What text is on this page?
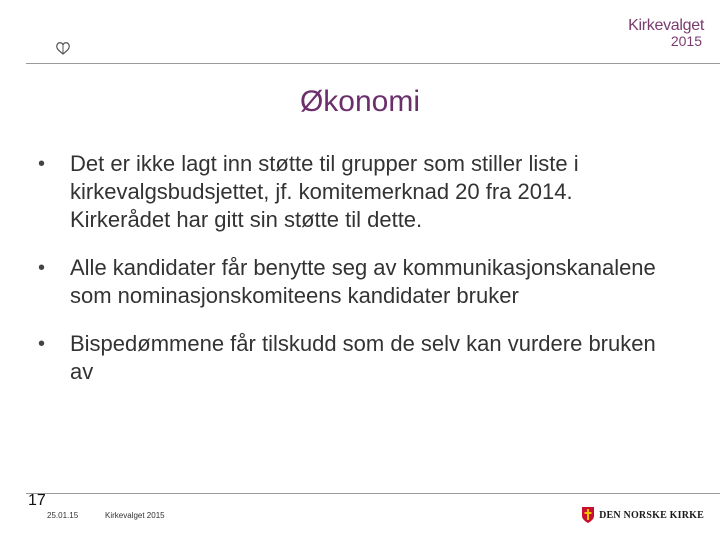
Kirkevalget
2015
Økonomi
•	Det er ikke lagt inn støtte til grupper som stiller liste i kirkevalgsbudsjettet, jf. komitemerknad 20 fra 2014. Kirkerådet har gitt sin støtte til dette.
•	Alle kandidater får benytte seg av kommunikasjonskanalene som nominasjonskomiteens kandidater bruker
•	Bispedømmene får tilskudd som de selv kan vurdere bruken av
17
25.01.15	Kirkevalget 2015	DEN NORSKE KIRKE
